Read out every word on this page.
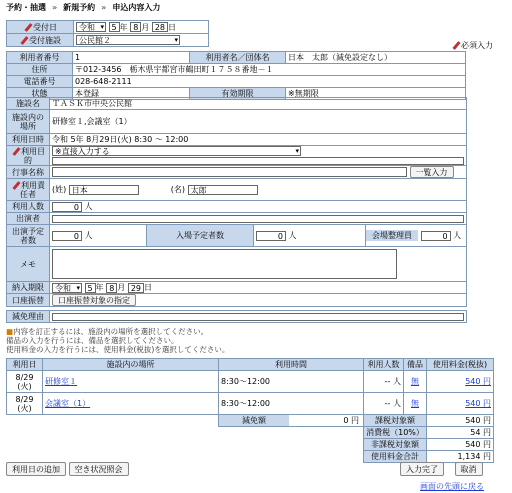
予約・抽選 » 新規予約 » 申込内容入力
受付日	令和 ▾ 5 年 8 月 28 日
受付施設	公民館２ ▾
必須入力
利用者番号	1	利用者名／団体名	日本　太郎（減免設定なし）
住所	〒012-3456　栃木県宇都宮市鶴田町１７５８番地－１		
電話番号	028-648-2111		
状態	本登録	有効期限	※無期限
施設名	ＴＡＳＫ市中央公民館			
施設内の場所	研修室１,会議室（1）			
利用日時	令和 5年 8月29日(火) 8:30 ～ 12:00			
利用目的	※直接入力する ▾

行事名称	一覧入力			
利用責任者	(姓) 日本　　　　 (名) 太郎			
利用人数	0 人			
出演者				
出演予定者数	0 人	入場予定者数	0 人	会場整理員 0 人
メモ				
納入期限	令和 ▾ 5 年 8 月 29 日
口座振替	口座振替対象の指定			

減免理由				
■内容を訂正するには、施設内の場所を選択してください。
備品の入力を行うには、備品を選択してください。
使用料金の入力を行うには、使用料金(税抜)を選択してください。
利用日	施設内の場所	利用時間	利用人数	備品	使用料金(税抜)
8/29
(火)	研修室１	8:30～12:00	-- 人	無	540 円
8/29
(火)	会議室（1）	8:30～12:00	-- 人	無	540 円
		減免額 0 円	課税対象額		540 円
			消費税（10%）		54 円
			非課税対象額		540 円
			使用料金合計		1,134 円
利用日の追加 空き状況照会	入力完了	取消
画面の先頭に戻る
